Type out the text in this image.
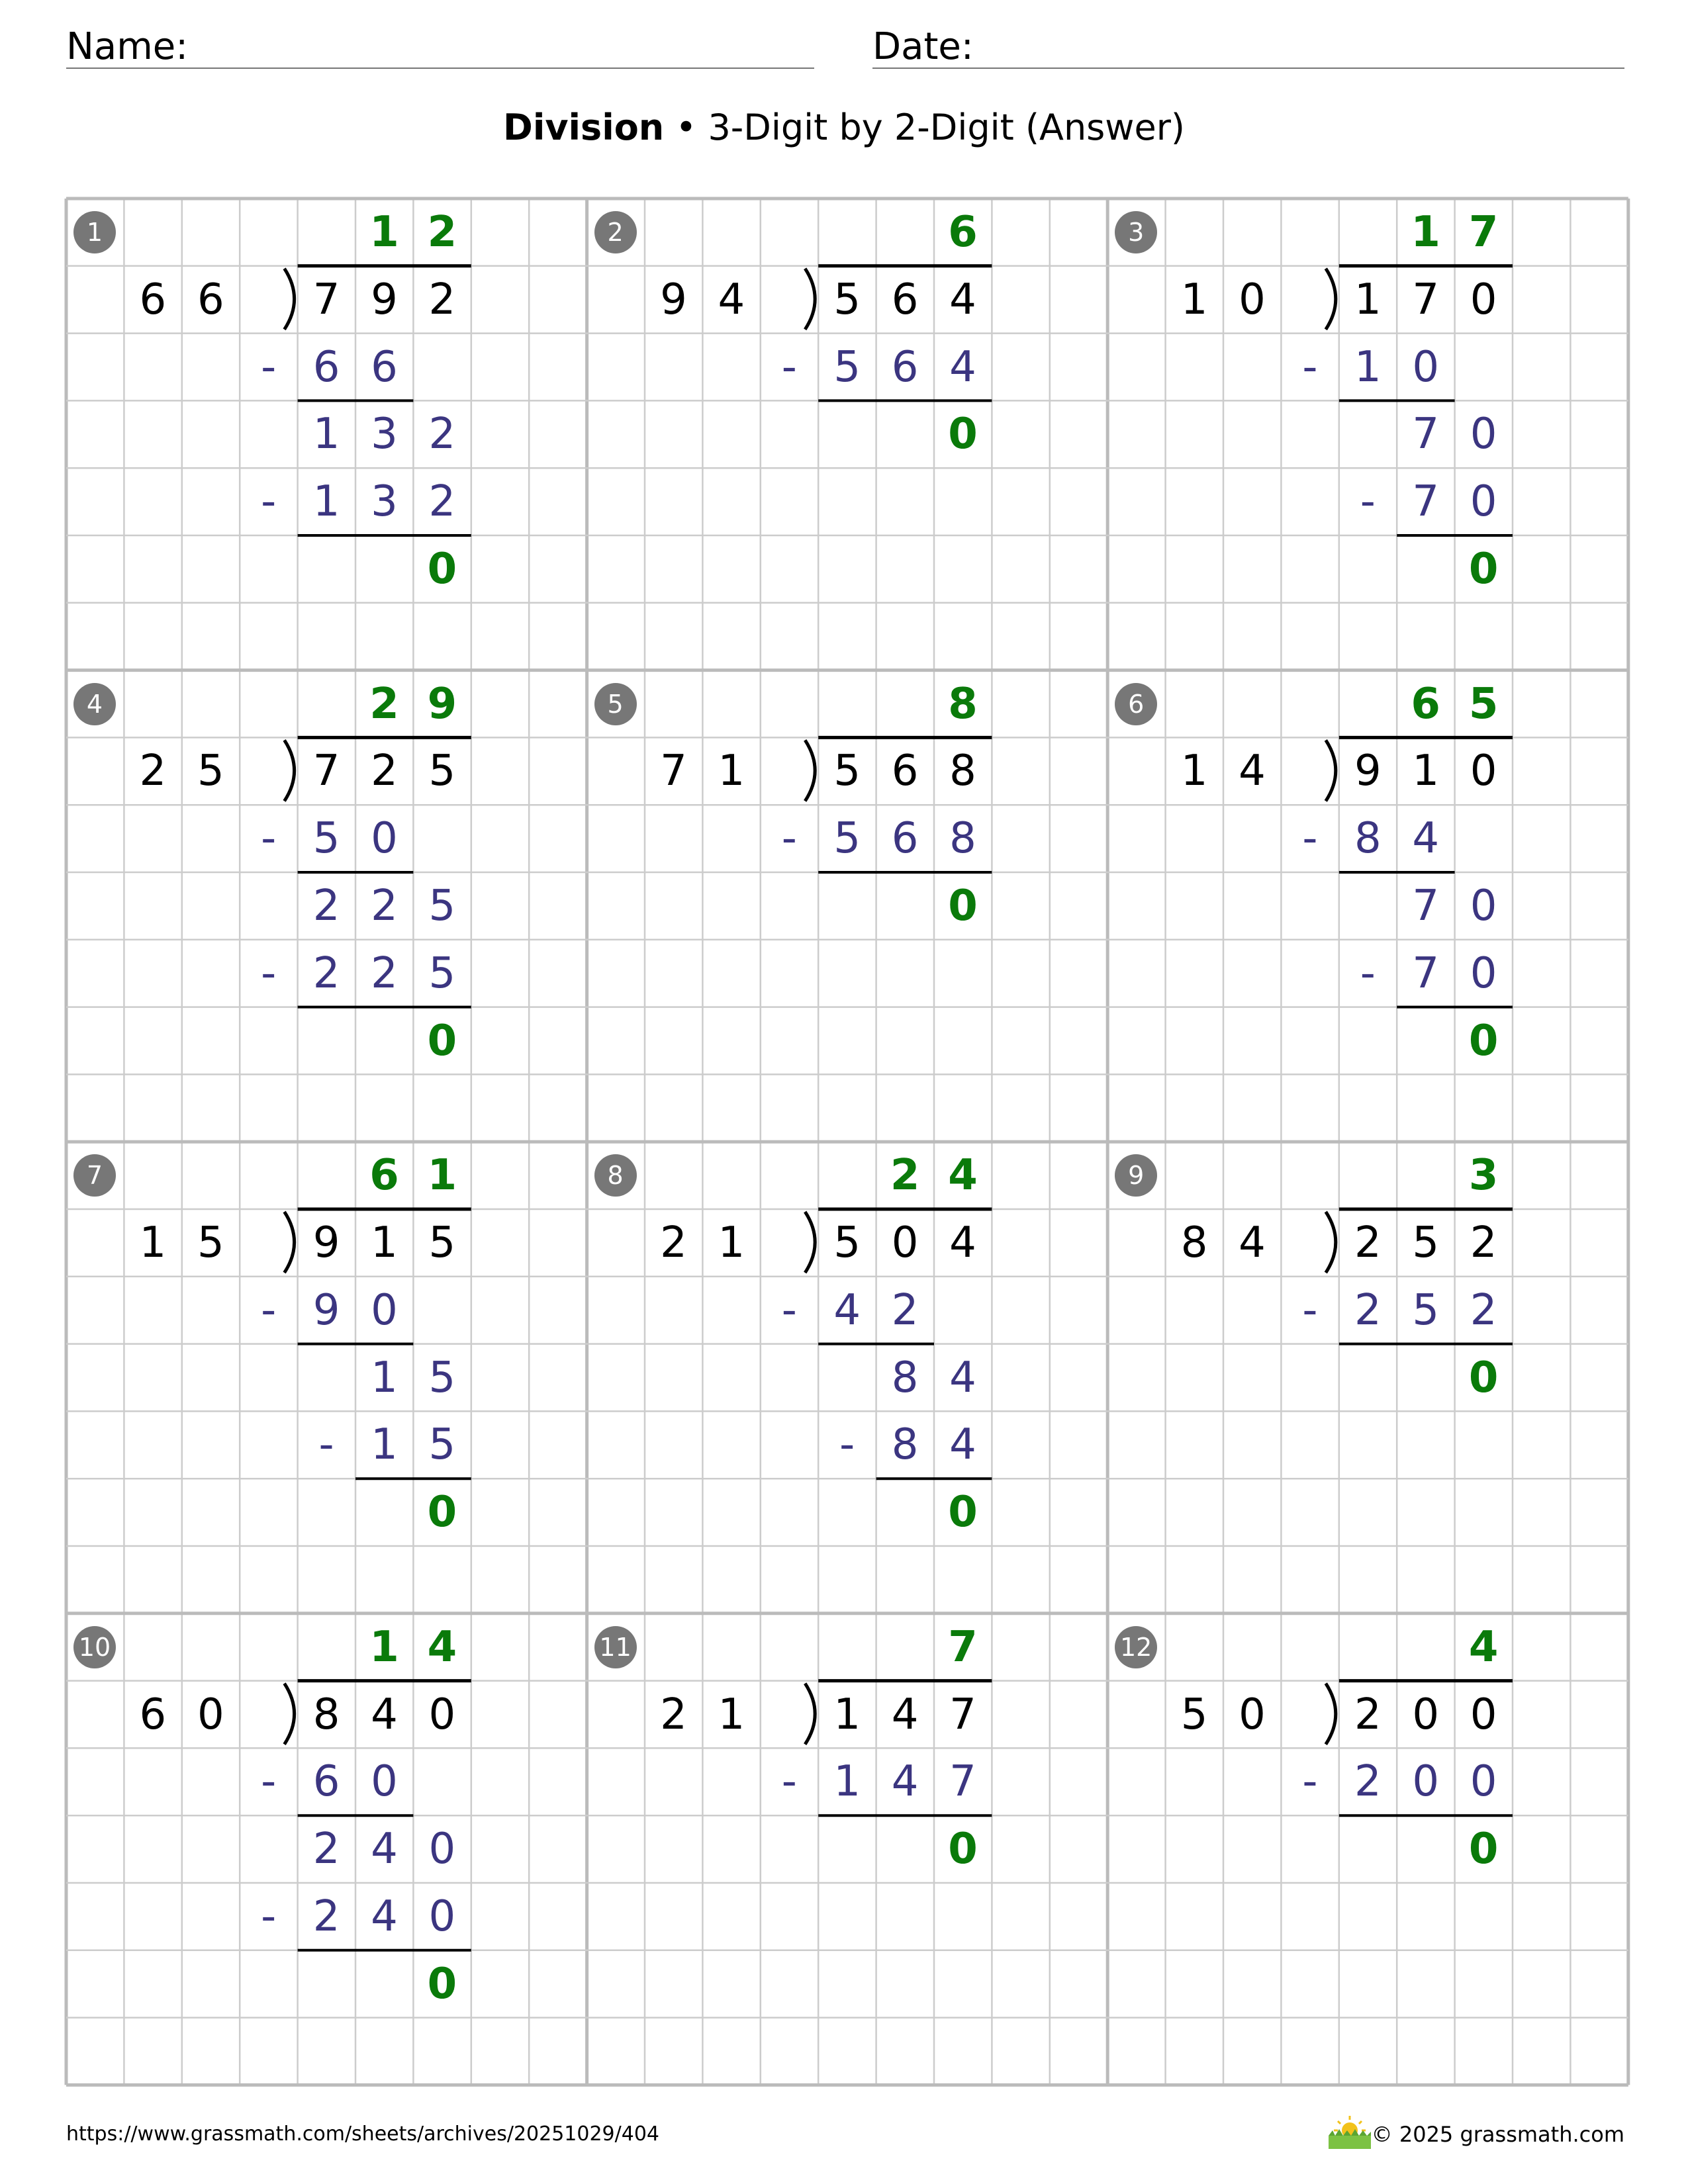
Name:	Date:
Division • 3-Digit by 2-Digit (Answer)
1
6 6	7 9 2
1 2
- 6 6
1 3 2
- 1 3 2
0
2
9 4	5 6 4
6
- 5 6 4
0
3
1 0	1 7 0
1 7
- 1 0
7 0
- 7 0
0
4
2 5	7 2 5
2 9
- 5 0
2 2 5
- 2 2 5
0
5
7 1	5 6 8
8
- 5 6 8
0
6
1 4	9 1 0
6 5
- 8 4
7 0
- 7 0
0
7
1 5	9 1 5
6 1
- 9 0
1 5
- 1 5
0
8
2 1	5 0 4
2 4
- 4 2
8 4
- 8 4
0
9
8 4	2 5 2
3
- 2 5 2
0
10
6 0	8 4 0
1 4
- 6 0
2 4 0
- 2 4 0
0
11
2 1	1 4 7
7
- 1 4 7
0
12
5 0	2 0 0
4
- 2 0 0
0
https://www.grassmath.com/sheets/archives/20251029/404	© 2025 grassmath.com
